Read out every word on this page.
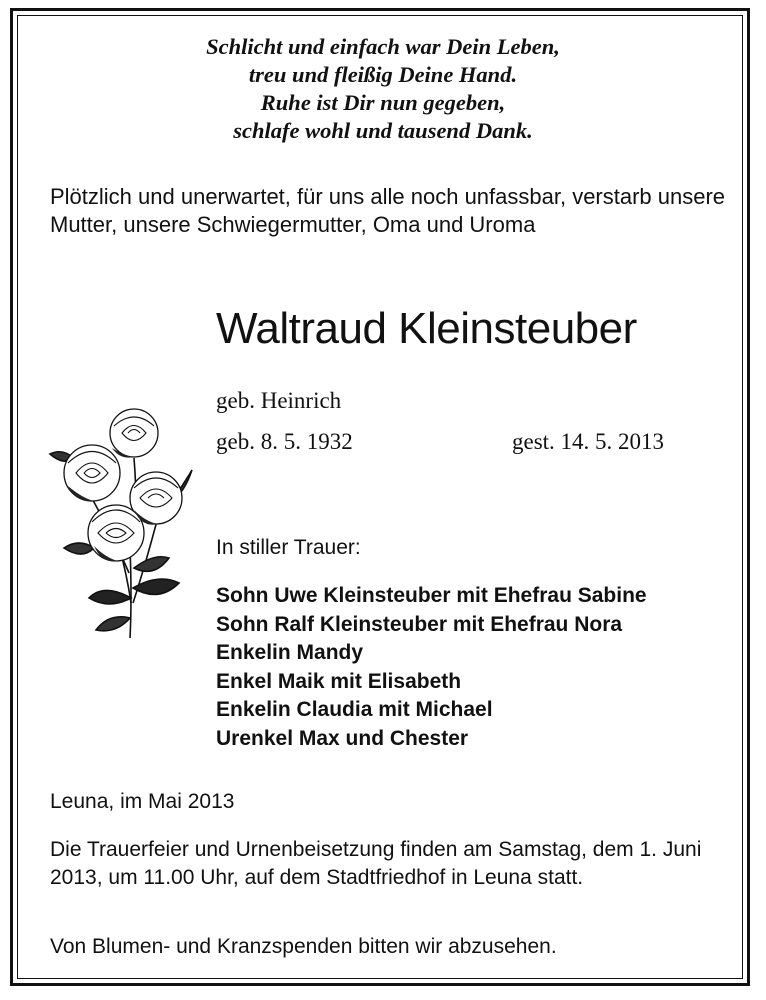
Schlicht und einfach war Dein Leben,
treu und fleißig Deine Hand.
Ruhe ist Dir nun gegeben,
schlafe wohl und tausend Dank.
Plötzlich und unerwartet, für uns alle noch unfassbar, verstarb unsere Mutter, unsere Schwiegermutter, Oma und Uroma
Waltraud Kleinsteuber
geb. Heinrich
geb. 8. 5. 1932	gest. 14. 5. 2013
In stiller Trauer:
Sohn Uwe Kleinsteuber mit Ehefrau Sabine
Sohn Ralf Kleinsteuber mit Ehefrau Nora
Enkelin Mandy
Enkel Maik mit Elisabeth
Enkelin Claudia mit Michael
Urenkel Max und Chester
Leuna, im Mai 2013
Die Trauerfeier und Urnenbeisetzung finden am Samstag, dem 1. Juni 2013, um 11.00 Uhr, auf dem Stadtfriedhof in Leuna statt.
Von Blumen- und Kranzspenden bitten wir abzusehen.
